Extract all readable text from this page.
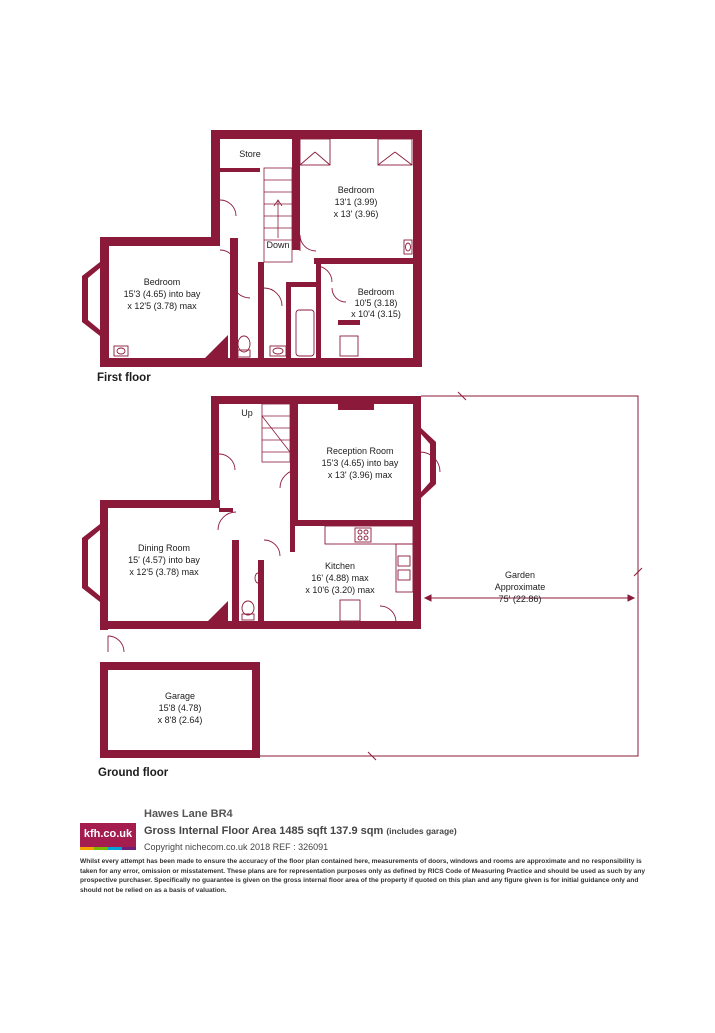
Store
Down
Bedroom
15'3 (4.65) into bay
x 12'5 (3.78) max
Bedroom
13'1 (3.99)
x 13' (3.96)
Bedroom
10'5 (3.18)
x 10'4 (3.15)
First floor
Up
Reception Room
15'3 (4.65) into bay
x 13' (3.96) max
Dining Room
15' (4.57) into bay
x 12'5 (3.78) max
Kitchen
16' (4.88) max
x 10'6 (3.20) max
Garden
Approximate
75' (22.86)
Garage
15'8 (4.78)
x 8'8 (2.64)
Ground floor
kfh.co.uk
Hawes Lane BR4
Gross Internal Floor Area 1485 sqft 137.9 sqm (includes garage)
Copyright nichecom.co.uk 2018 REF : 326091
Whilst every attempt has been made to ensure the accuracy of the floor plan contained here, measurements of doors, windows and rooms are approximate and no responsibility is taken for any error, omission or misstatement. These plans are for representation purposes only as defined by RICS Code of Measuring Practice and should be used as such by any prospective purchaser. Specifically no guarantee is given on the gross internal floor area of the property if quoted on this plan and any figure given is for initial guidance only and should not be relied on as a basis of valuation.
